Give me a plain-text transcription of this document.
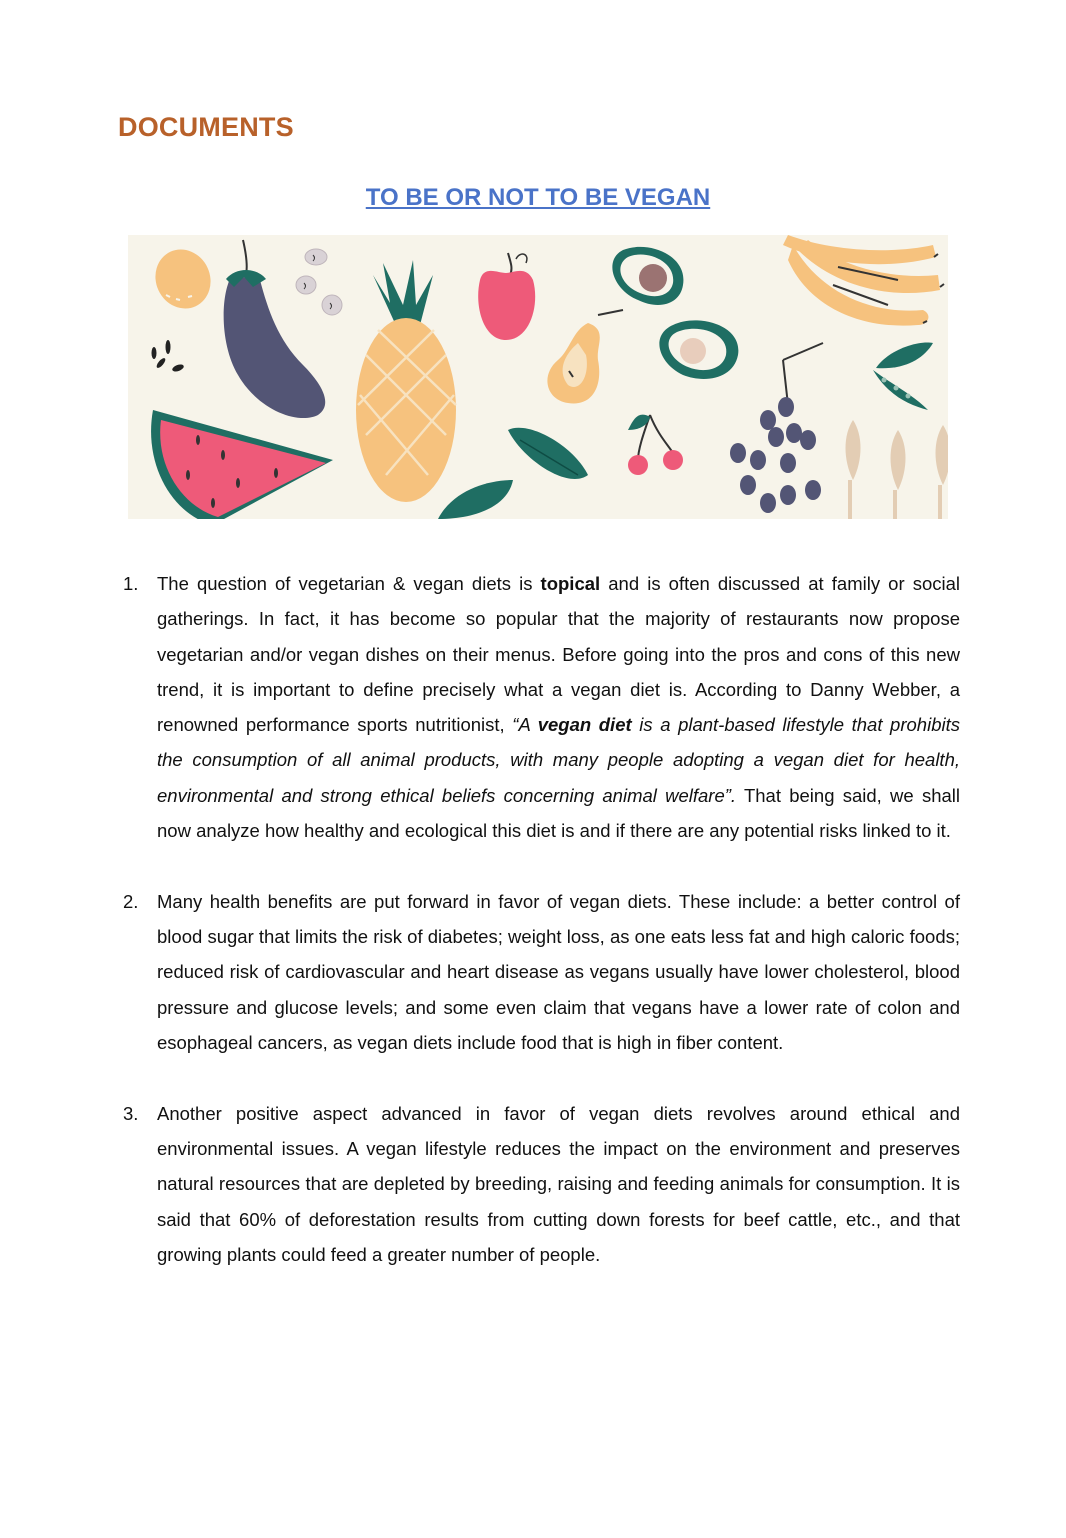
DOCUMENTS
TO BE OR NOT TO BE VEGAN
1. The question of vegetarian & vegan diets is topical and is often discussed at family or social gatherings. In fact, it has become so popular that the majority of restaurants now propose vegetarian and/or vegan dishes on their menus. Before going into the pros and cons of this new trend, it is important to define precisely what a vegan diet is. According to Danny Webber, a renowned performance sports nutritionist, “A vegan diet is a plant-based lifestyle that prohibits the consumption of all animal products, with many people adopting a vegan diet for health, environmental and strong ethical beliefs concerning animal welfare”. That being said, we shall now analyze how healthy and ecological this diet is and if there are any potential risks linked to it.
2. Many health benefits are put forward in favor of vegan diets. These include: a better control of blood sugar that limits the risk of diabetes; weight loss, as one eats less fat and high caloric foods; reduced risk of cardiovascular and heart disease as vegans usually have lower cholesterol, blood pressure and glucose levels; and some even claim that vegans have a lower rate of colon and esophageal cancers, as vegan diets include food that is high in fiber content.
3. Another positive aspect advanced in favor of vegan diets revolves around ethical and environmental issues. A vegan lifestyle reduces the impact on the environment and preserves natural resources that are depleted by breeding, raising and feeding animals for consumption. It is said that 60% of deforestation results from cutting down forests for beef cattle, etc., and that growing plants could feed a greater number of people.
